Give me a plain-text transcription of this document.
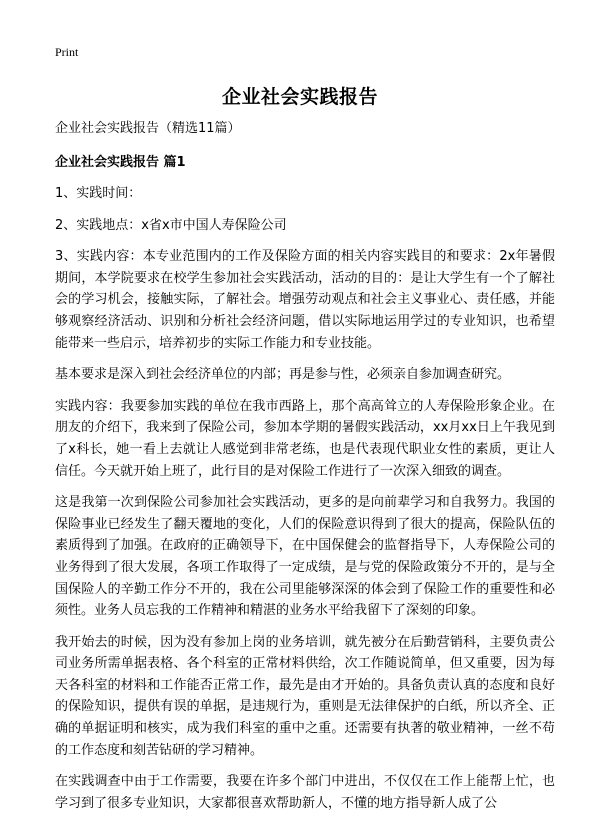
Print
企业社会实践报告

企业社会实践报告（精选11篇）

企业社会实践报告 篇1

1、实践时间：

2、实践地点：x省x市中国人寿保险公司

3、实践内容：本专业范围内的工作及保险方面的相关内容实践目的和要求：2x年暑假期间，本学院要求在校学生参加社会实践活动，活动的目的：是让大学生有一个了解社会的学习机会，接触实际，了解社会。增强劳动观点和社会主义事业心、责任感，并能够观察经济活动、识别和分析社会经济问题，借以实际地运用学过的专业知识，也希望能带来一些启示，培养初步的实际工作能力和专业技能。

基本要求是深入到社会经济单位的内部；再是参与性，必须亲自参加调查研究。

实践内容：我要参加实践的单位在我市西路上，那个高高耸立的人寿保险形象企业。在朋友的介绍下，我来到了保险公司，参加本学期的暑假实践活动，xx月xx日上午我见到了x科长，她一看上去就让人感觉到非常老练，也是代表现代职业女性的素质，更让人信任。今天就开始上班了，此行目的是对保险工作进行了一次深入细致的调查。

这是我第一次到保险公司参加社会实践活动，更多的是向前辈学习和自我努力。我国的保险事业已经发生了翻天覆地的变化，人们的保险意识得到了很大的提高，保险队伍的素质得到了加强。在政府的正确领导下，在中国保健会的监督指导下，人寿保险公司的业务得到了很大发展，各项工作取得了一定成绩，是与党的保险政策分不开的，是与全国保险人的辛勤工作分不开的，我在公司里能够深深的体会到了保险工作的重要性和必须性。业务人员忘我的工作精神和精湛的业务水平给我留下了深刻的印象。

我开始去的时候，因为没有参加上岗的业务培训，就先被分在后勤营销科，主要负责公司业务所需单据表格、各个科室的正常材料供给，次工作随说简单，但又重要，因为每天各科室的材料和工作能否正常工作，最先是由才开始的。具备负责认真的态度和良好的保险知识，提供有误的单据，是违规行为，重则是无法律保护的白纸，所以齐全、正确的单据证明和核实，成为我们科室的重中之重。还需要有执著的敬业精神，一丝不苟的工作态度和刻苦钻研的学习精神。

在实践调查中由于工作需要，我要在许多个部门中进出，不仅仅在工作上能帮上忙，也学习到了很多专业知识，大家都很喜欢帮助新人，不懂的地方指导新人成了公
